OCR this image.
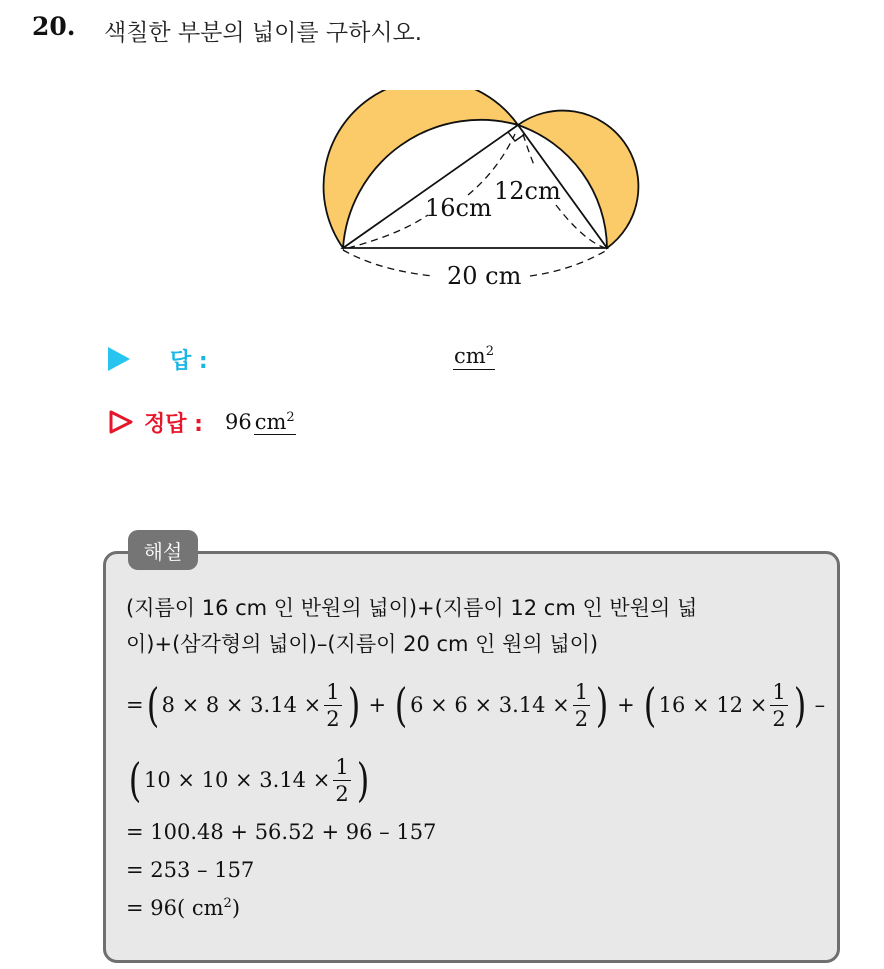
20. 색칠한 부분의 넓이를 구하시오.
16cm
12cm
20 cm
답 :	$cm^2$
정답 : 96 $cm^2$
해설
(지름이 16 cm 인 반원의 넓이)+(지름이 12 cm 인 반원의 넓
이)+(삼각형의 넓이)–(지름이 20 cm 인 원의 넓이)
= ( $8 \times 8 \times 3.14 \times \frac{1}{2}$ ) + ( $6 \times 6 \times 3.14 \times \frac{1}{2}$ ) + ( $16 \times 12 \times \frac{1}{2}$ ) –
( $10 \times 10 \times 3.14 \times \frac{1}{2}$ )
= 100.48 + 56.52 + 96 – 157
= 253 – 157
= 96( $cm^2$)
